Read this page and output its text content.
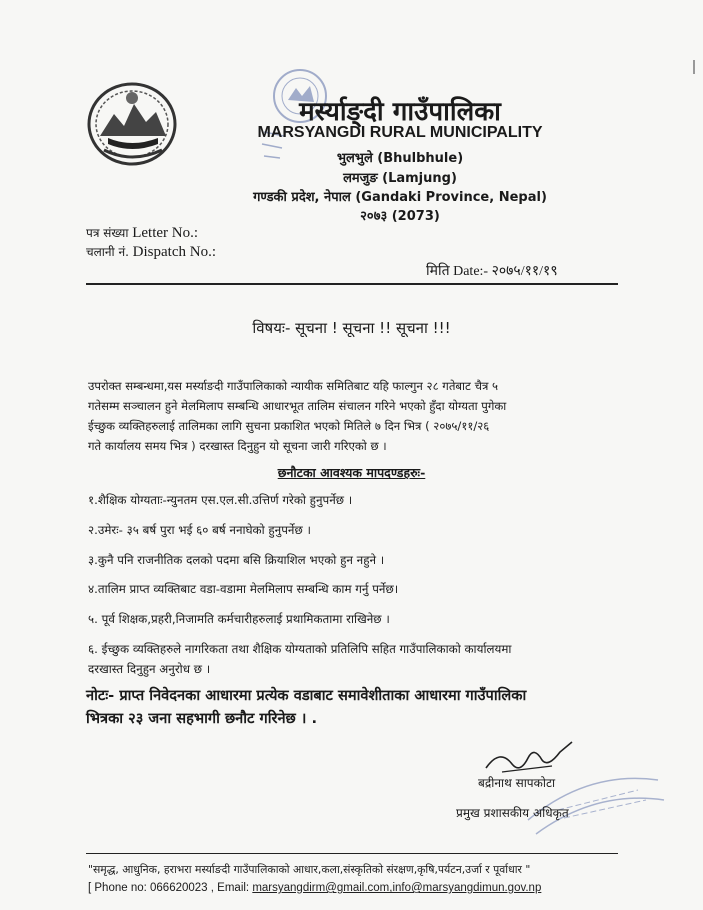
मर्स्याङ्दी गाउँपालिका
MARSYANGDI RURAL MUNICIPALITY
भुलभुले (Bhulbhule)
लमजुङ (Lamjung)
गण्डकी प्रदेश, नेपाल (Gandaki Province, Nepal)
२०७३ (2073)
पत्र संख्या Letter No.:
चलानी नं. Dispatch No.:
मिति Date:- २०७५/११/१९
विषयः- सूचना ! सूचना !! सूचना !!!
उपरोक्त सम्बन्धमा,यस मर्स्याङदी गाउँपालिकाको न्यायीक समितिबाट यहि फाल्गुन २८ गतेबाट चैत्र ५
गतेसम्म सञ्चालन हुने मेलमिलाप सम्बन्धि आधारभूत तालिम संचालन गरिने भएको हुँदा योग्यता पुगेका
ईच्छुक व्यक्तिहरुलाई तालिमका लागि सुचना प्रकाशित भएको मितिले ७ दिन भित्र ( २०७५/११/२६
गते कार्यालय समय भित्र ) दरखास्त दिनुहुन यो सूचना जारी गरिएको छ ।
छनौटका आवश्यक मापदण्डहरुः-
१.शैक्षिक योग्यताः-न्युनतम एस.एल.सी.उत्तिर्ण गरेको हुनुपर्नेछ ।
२.उमेरः- ३५ बर्ष पुरा भई ६० बर्ष ननाघेको हुनुपर्नेछ ।
३.कुनै पनि राजनीतिक दलको पदमा बसि क्रियाशिल भएको हुन नहुने ।
४.तालिम प्राप्त व्यक्तिबाट वडा-वडामा मेलमिलाप सम्बन्धि काम गर्नु पर्नेछ।
५. पूर्व शिक्षक,प्रहरी,निजामति कर्मचारीहरुलाई प्रथामिकतामा राखिनेछ ।
६. ईच्छुक व्यक्तिहरुले नागरिकता तथा शैक्षिक योग्यताको प्रतिलिपि सहित गाउँपालिकाको कार्यालयमा
दरखास्त दिनुहुन अनुरोध छ ।
नोटः- प्राप्त निवेदनका आधारमा प्रत्येक वडाबाट समावेशीताका आधारमा गाउँपालिका
भित्रका २३ जना सहभागी छनौट गरिनेछ । .
बद्रीनाथ सापकोटा
प्रमुख प्रशासकीय अधिकृत
"समृद्ध, आधुनिक, हराभरा मर्स्याङदी गाउँपालिकाको आधार,कला,संस्कृतिको संरक्षण,कृषि,पर्यटन,उर्जा र पूर्वाधार "
[ Phone no: 066620023 , Email: marsyangdirm@gmail.com,info@marsyangdimun.gov.np
